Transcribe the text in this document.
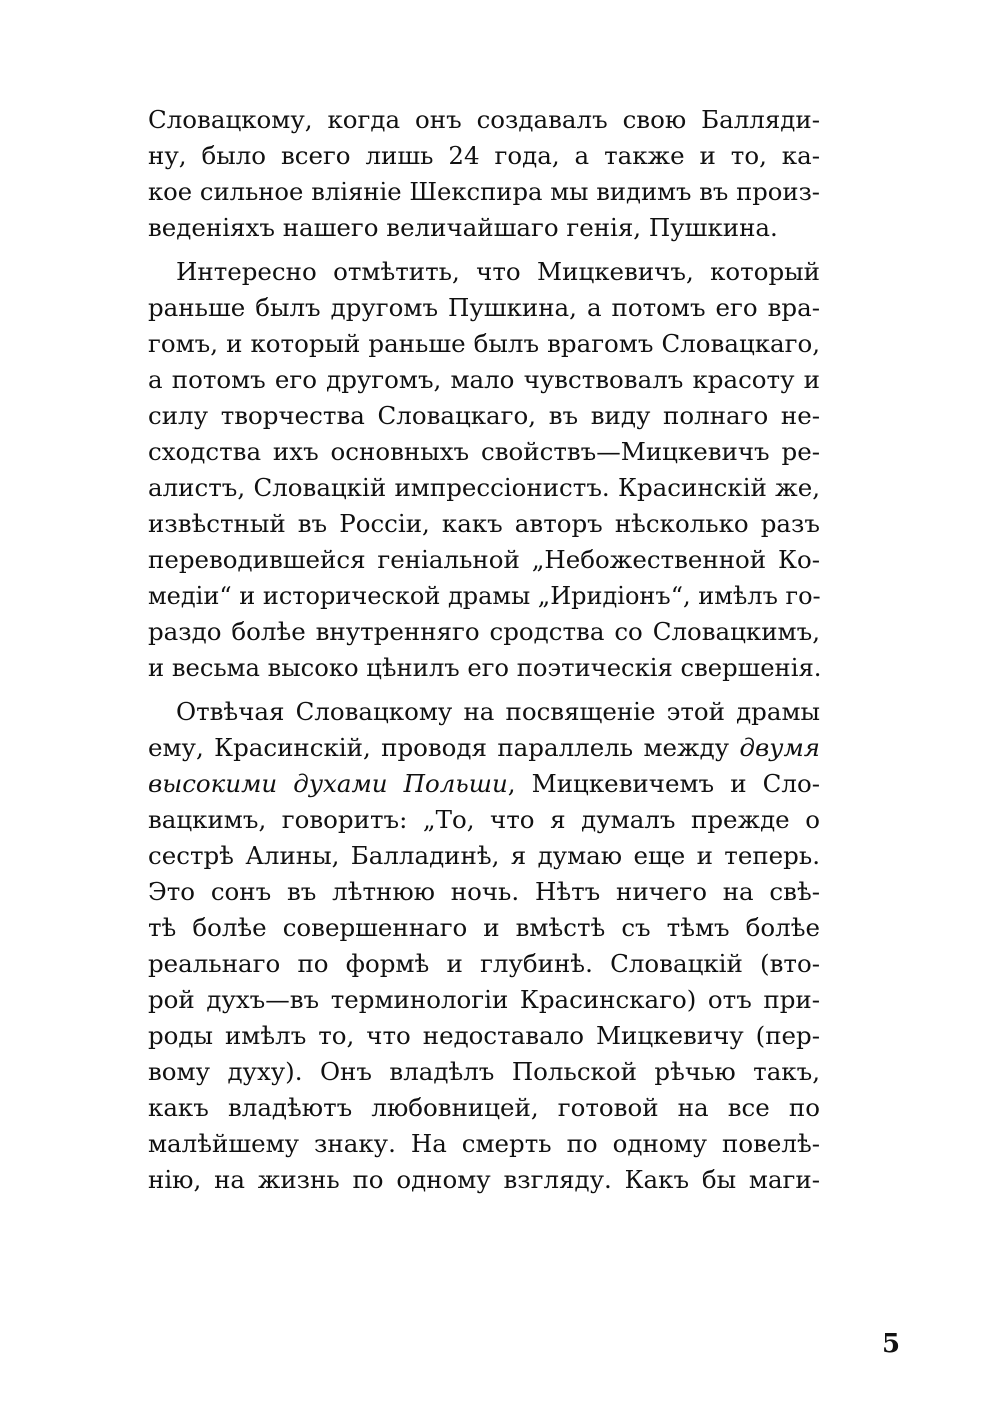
Словацкому, когда онъ создавалъ свою Балляди-
ну, было всего лишь 24 года, а также и то, ка-
кое сильное вліяніе Шекспира мы видимъ въ произ-
веденіяхъ нашего величайшаго генія, Пушкина.
Интересно отмѣтить, что Мицкевичъ, который
раньше былъ другомъ Пушкина, а потомъ его вра-
гомъ, и который раньше былъ врагомъ Словацкаго,
а потомъ его другомъ, мало чувствовалъ красоту и
силу творчества Словацкаго, въ виду полнаго не-
сходства ихъ основныхъ свойствъ—Мицкевичъ ре-
алистъ, Словацкій импрессіонистъ. Красинскій же,
извѣстный въ Россіи, какъ авторъ нѣсколько разъ
переводившейся геніальной „Небожественной Ко-
медіи“ и исторической драмы „Иридіонъ“, имѣлъ го-
раздо болѣе внутренняго сродства со Словацкимъ,
и весьма высоко цѣнилъ его поэтическія свершенія.
Отвѣчая Словацкому на посвященіе этой драмы
ему, Красинскій, проводя параллель между двумя
высокими духами Польши, Мицкевичемъ и Сло-
вацкимъ, говоритъ: „То, что я думалъ прежде о
сестрѣ Алины, Балладинѣ, я думаю еще и теперь.
Это сонъ въ лѣтнюю ночь. Нѣтъ ничего на свѣ-
тѣ болѣе совершеннаго и вмѣстѣ съ тѣмъ болѣе
реальнаго по формѣ и глубинѣ. Словацкій (вто-
рой духъ—въ терминологіи Красинскаго) отъ при-
роды имѣлъ то, что недоставало Мицкевичу (пер-
вому духу). Онъ владѣлъ Польской рѣчью такъ,
какъ владѣютъ любовницей, готовой на все по
малѣйшему знаку. На смерть по одному повелѣ-
нію, на жизнь по одному взгляду. Какъ бы маги-
5
